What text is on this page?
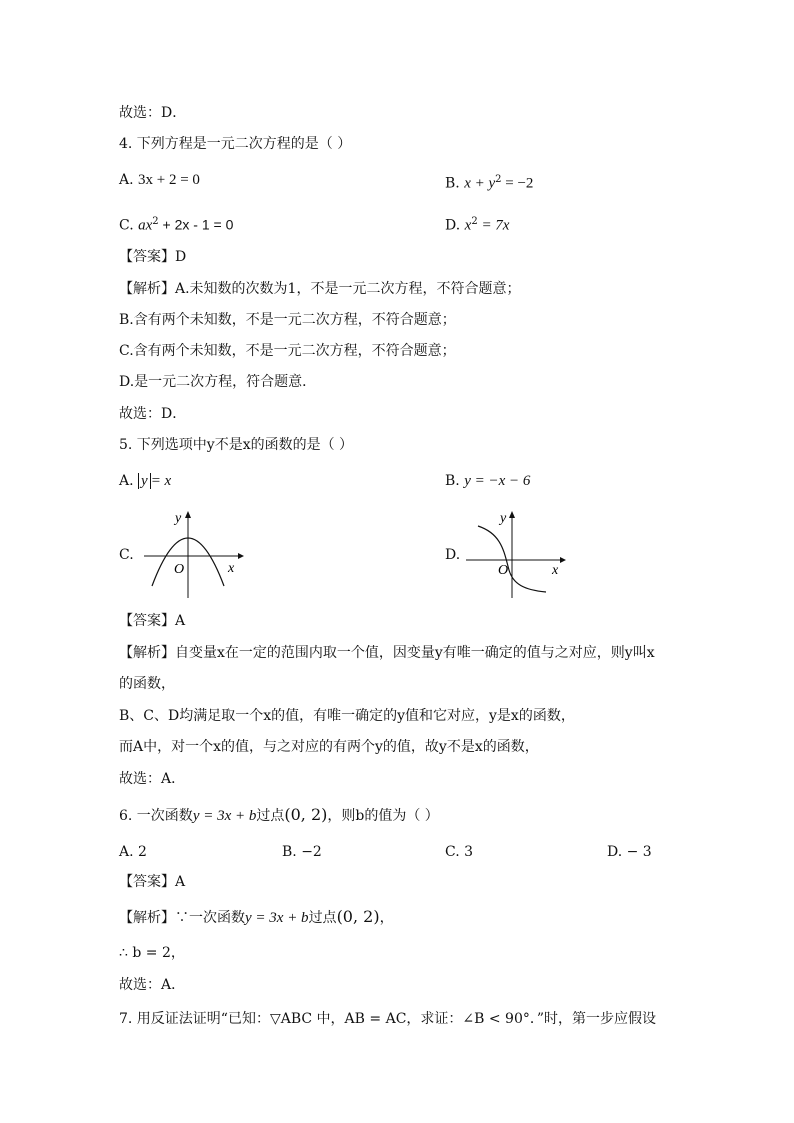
故选：D．
4. 下列方程是一元二次方程的是（ ）
A. 3x + 2 = 0	B. $x + y^2 = -2$
C. $ax^2 + 2x - 1 = 0$	D. $x^2 = 7x$
【答案】D
【解析】A.未知数的次数为1，不是一元二次方程，不符合题意；
B.含有两个未知数，不是一元二次方程，不符合题意；
C.含有两个未知数，不是一元二次方程，不符合题意；
D.是一元二次方程，符合题意．
故选：D．
5. 下列选项中y不是x的函数的是（ ）
A. y = x	B. y = −x − 6
C.
y
x
O
D.
y
x
O
【答案】A
【解析】自变量x在一定的范围内取一个值，因变量y有唯一确定的值与之对应，则y叫x
的函数，
B、C、D均满足取一个x的值，有唯一确定的y值和它对应，y是x的函数，
而A中，对一个x的值，与之对应的有两个y的值，故y不是x的函数，
故选：A．
6. 一次函数y = 3x + b过点(0, 2)，则b的值为（ ）
A. 2	B. −2	C. 3	D. − 3
【答案】A
【解析】∵一次函数y = 3x + b过点(0, 2)，
∴ b = 2，
故选：A．
7. 用反证法证明“已知：▽ABC 中，AB = AC，求证：∠B < 90°．”时，第一步应假设
